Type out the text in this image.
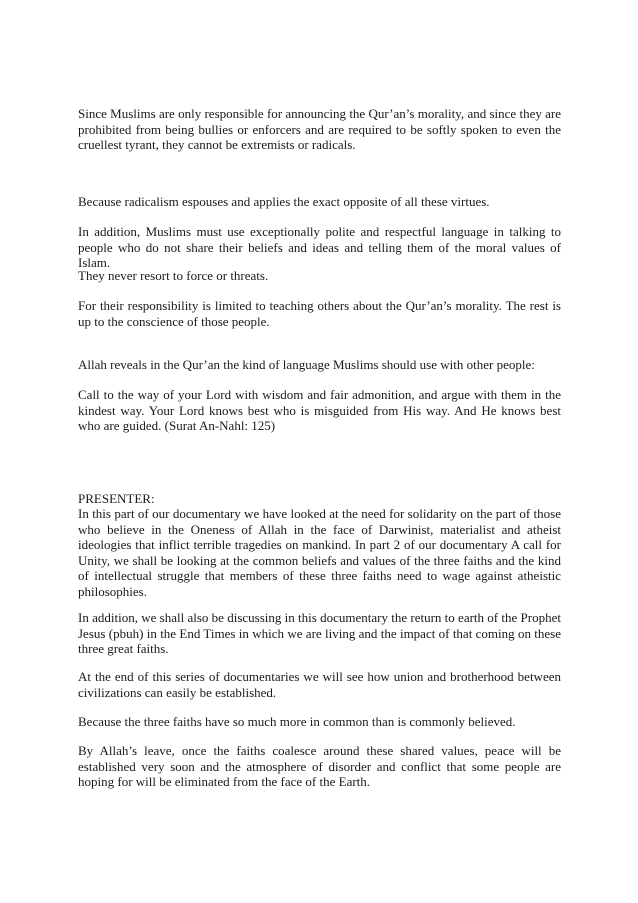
Since Muslims are only responsible for announcing the Qur’an’s morality, and since they are prohibited from being bullies or enforcers and are required to be softly spoken to even the cruellest tyrant, they cannot be extremists or radicals.

Because radicalism espouses and applies the exact opposite of all these virtues.

In addition, Muslims must use exceptionally polite and respectful language in talking to people who do not share their beliefs and ideas and telling them of the moral values of Islam.

They never resort to force or threats.

For their responsibility is limited to teaching others about the Qur’an’s morality. The rest is up to the conscience of those people.

Allah reveals in the Qur’an the kind of language Muslims should use with other people:

Call to the way of your Lord with wisdom and fair admonition, and argue with them in the kindest way. Your Lord knows best who is misguided from His way. And He knows best who are guided. (Surat An-Nahl: 125)

PRESENTER:

In this part of our documentary we have looked at the need for solidarity on the part of those who believe in the Oneness of Allah in the face of Darwinist, materialist and atheist ideologies that inflict terrible tragedies on mankind. In part 2 of our documentary A call for Unity, we shall be looking at the common beliefs and values of the three faiths and the kind of intellectual struggle that members of these three faiths need to wage against atheistic philosophies.

In addition, we shall also be discussing in this documentary the return to earth of the Prophet Jesus (pbuh) in the End Times in which we are living and the impact of that coming on these three great faiths.

At the end of this series of documentaries we will see how union and brotherhood between civilizations can easily be established.

Because the three faiths have so much more in common than is commonly believed.

By Allah’s leave, once the faiths coalesce around these shared values, peace will be established very soon and the atmosphere of disorder and conflict that some people are hoping for will be eliminated from the face of the Earth.
